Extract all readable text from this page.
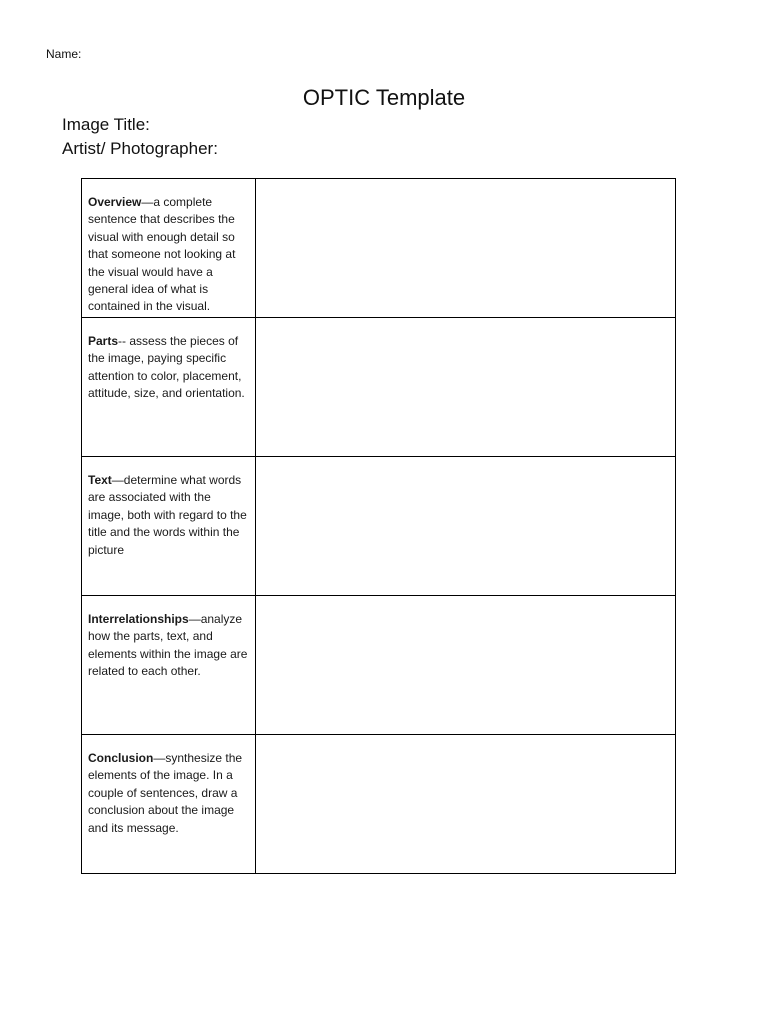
Name:
OPTIC Template
Image Title:
Artist/ Photographer:
Overview—a complete sentence that describes the visual with enough detail so that someone not looking at the visual would have a general idea of what is contained in the visual.	
Parts-- assess the pieces of the image, paying specific attention to color, placement, attitude, size, and orientation.	
Text—determine what words are associated with the image, both with regard to the title and the words within the picture	
Interrelationships—analyze how the parts, text, and elements within the image are related to each other.	
Conclusion—synthesize the elements of the image. In a couple of sentences, draw a conclusion about the image and its message.	
